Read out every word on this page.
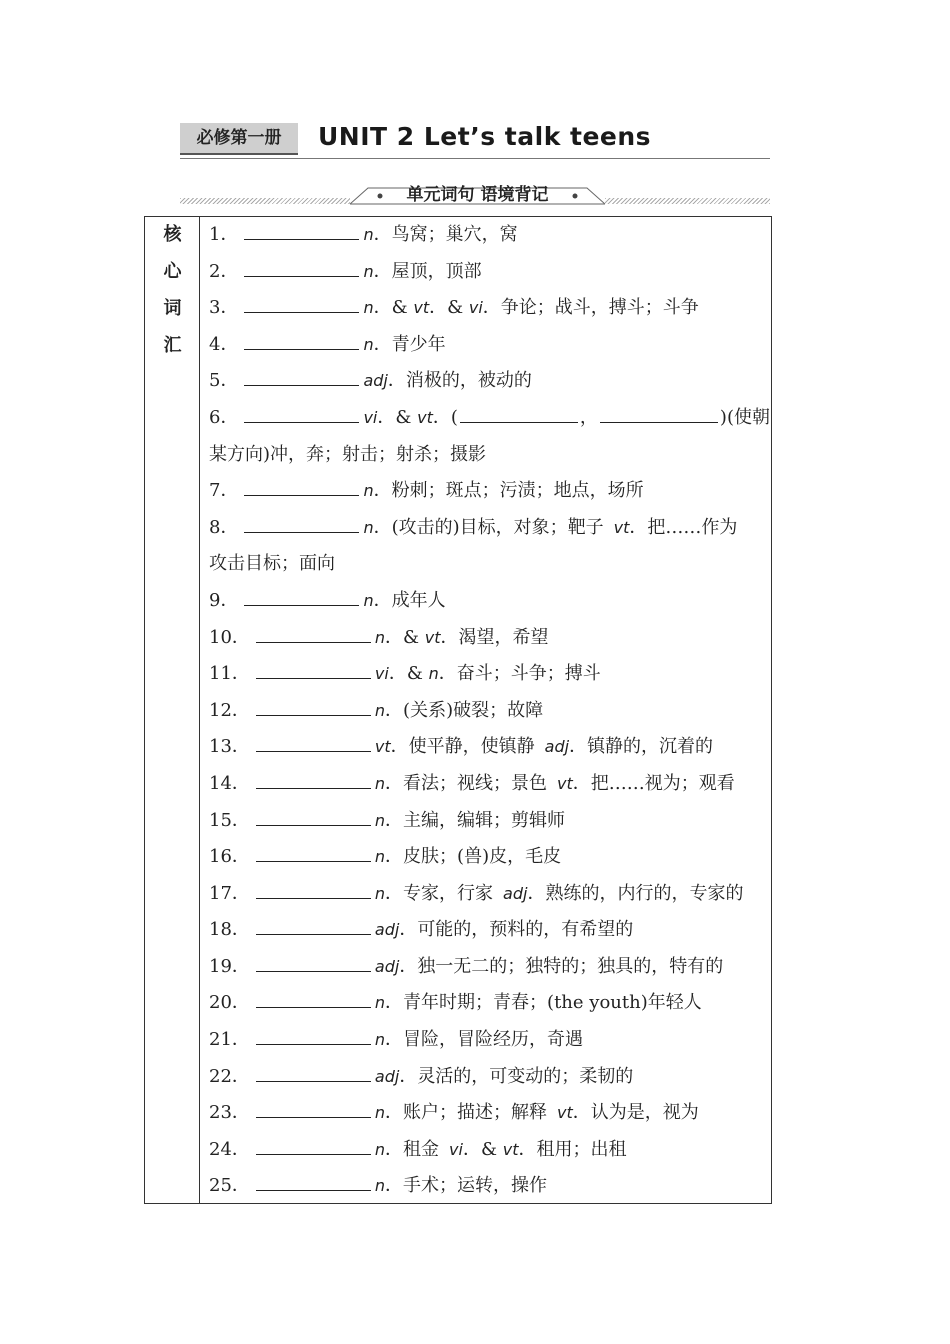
必修第一册	UNIT 2 Let’s talk teens
单元词句 语境背记
核
心
词
汇
1．	n．鸟窝；巢穴，窝
2．	n．屋顶，顶部
3．	n．& vt．& vi．争论；战斗，搏斗；斗争
4．	n．青少年
5．	adj．消极的，被动的
6．	vi．& vt．(	，	)(使朝
某方向)冲，奔；射击；射杀；摄影
7．	n．粉刺；斑点；污渍；地点，场所
8．	n．(攻击的)目标，对象；靶子 vt．把……作为
攻击目标；面向
9．	n．成年人
10．	n．& vt．渴望，希望
11．	vi．& n．奋斗；斗争；搏斗
12．	n．(关系)破裂；故障
13．	vt．使平静，使镇静 adj．镇静的，沉着的
14．	n．看法；视线；景色 vt．把……视为；观看
15．	n．主编，编辑；剪辑师
16．	n．皮肤；(兽)皮，毛皮
17．	n．专家，行家 adj．熟练的，内行的，专家的
18．	adj．可能的，预料的，有希望的
19．	adj．独一无二的；独特的；独具的，特有的
20．	n．青年时期；青春；(the youth)年轻人
21．	n．冒险，冒险经历，奇遇
22．	adj．灵活的，可变动的；柔韧的
23．	n．账户；描述；解释 vt．认为是，视为
24．	n．租金 vi．& vt．租用；出租
25．	n．手术；运转，操作
